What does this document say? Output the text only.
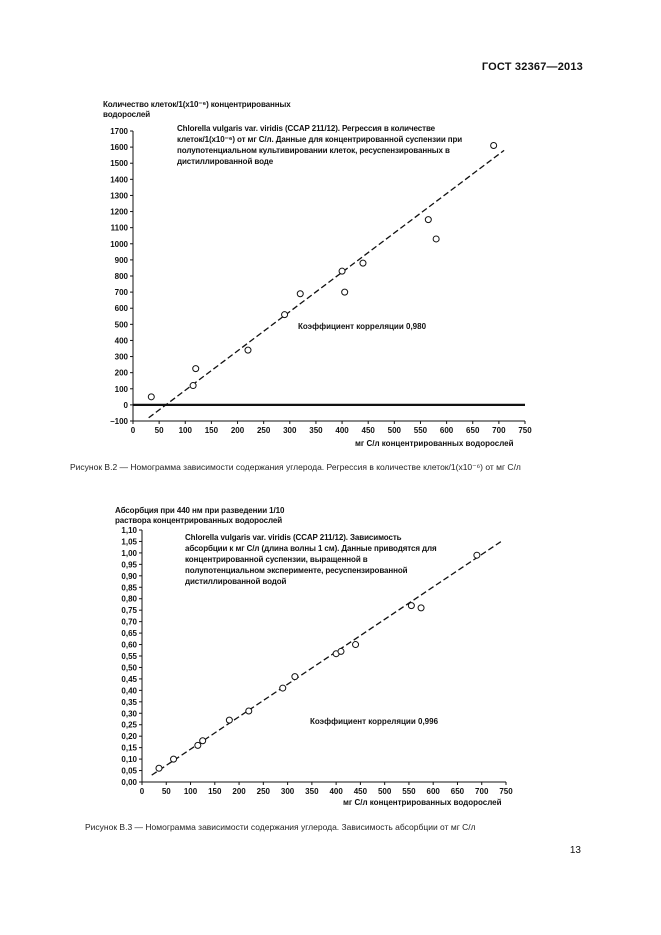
ГОСТ 32367—2013
Количество клеток/1(x10⁻⁶) концентрированных водорослей
–100
0
100
200
300
400
500
600
700
800
900
1000
1100
1200
1300
1400
1500
1600
1700
0 50 100 150 200 250 300 350 400 450 500 550 600 650 700 750
Chlorella vulgaris var. viridis (CCAP 211/12). Регрессия в количестве клеток/1(x10⁻⁶) от мг С/л. Данные для концентрированной суспензии при полупотенциальном культивировании клеток, ресуспензированных в дистиллированной воде
Коэффициент корреляции 0,980
мг С/л концентрированных водорослей
Рисунок В.2 — Номограмма зависимости содержания углерода. Регрессия в количестве клеток/1(x10⁻⁶) от мг С/л
Абсорбция при 440 нм при разведении 1/10 раствора концентрированных водорослей
0,00
0,05
0,10
0,15
0,20
0,25
0,30
0,35
0,40
0,45
0,50
0,55
0,60
0,65
0,70
0,75
0,80
0,85
0,90
0,95
1,00
1,05
1,10
0 50 100 150 200 250 300 350 400 450 500 550 600 650 700 750
Chlorella vulgaris var. viridis (CCAP 211/12). Зависимость абсорбции к мг С/л (длина волны 1 см). Данные приводятся для концентрированной суспензии, выращенной в полупотенциальном эксперименте, ресуспензированной дистиллированной водой
Коэффициент корреляции 0,996
мг С/л концентрированных водорослей
Рисунок В.3 — Номограмма зависимости содержания углерода. Зависимость абсорбции от мг С/л
13
